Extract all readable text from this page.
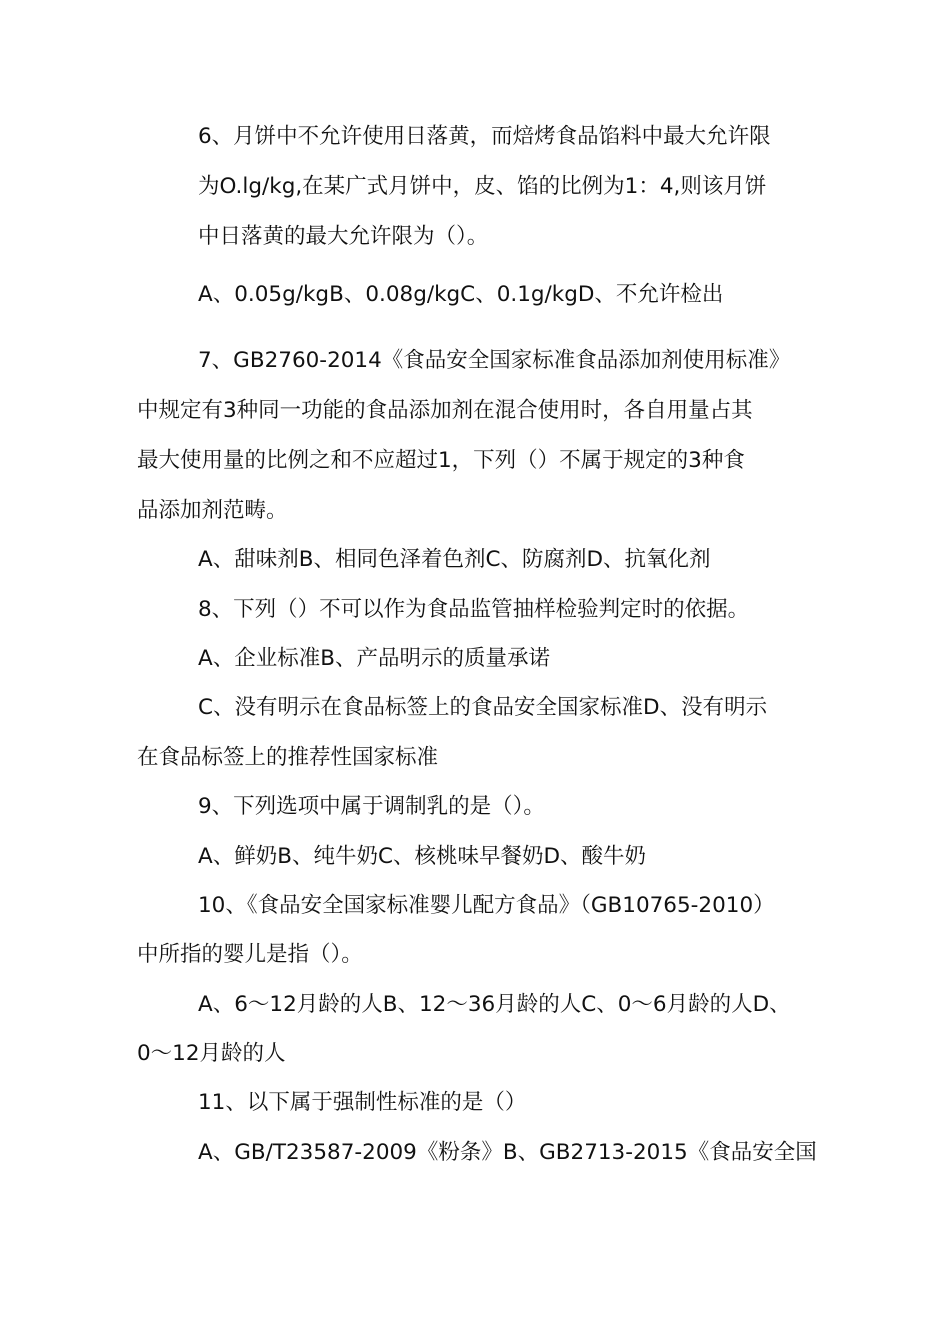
6、月饼中不允许使用日落黄，而焙烤食品馅料中最大允许限
为O.lg/kg,在某广式月饼中，皮、馅的比例为1：4,则该月饼
中日落黄的最大允许限为（）。
A、0.05g/kgB、0.08g/kgC、0.1g/kgD、不允许检出
7、GB2760-2014《食品安全国家标准食品添加剂使用标准》
中规定有3种同一功能的食品添加剂在混合使用时，各自用量占其
最大使用量的比例之和不应超过1，下列（）不属于规定的3种食
品添加剂范畴。
A、甜味剂B、相同色泽着色剂C、防腐剂D、抗氧化剂
8、下列（）不可以作为食品监管抽样检验判定时的依据。
A、企业标准B、产品明示的质量承诺
C、没有明示在食品标签上的食品安全国家标准D、没有明示
在食品标签上的推荐性国家标准
9、下列选项中属于调制乳的是（）。
A、鲜奶B、纯牛奶C、核桃味早餐奶D、酸牛奶
10、《食品安全国家标准婴儿配方食品》（GB10765-2010）
中所指的婴儿是指（）。
A、6〜12月龄的人B、12〜36月龄的人C、0〜6月龄的人D、
0〜12月龄的人
11、以下属于强制性标准的是（）
A、GB/T23587-2009《粉条》B、GB2713-2015《食品安全国
